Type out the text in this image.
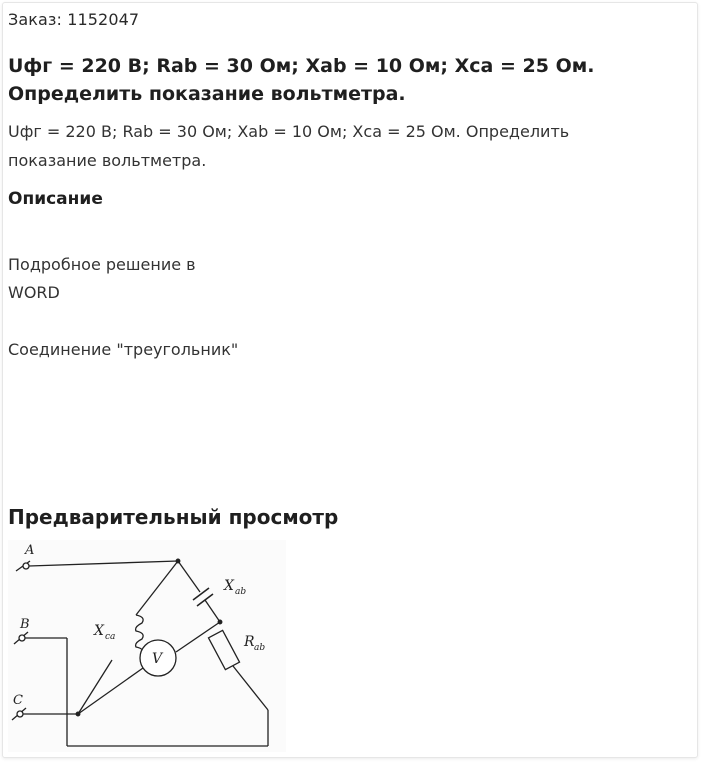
Заказ: 1152047
Uфг = 220 В; Rab = 30 Ом; Xab = 10 Ом; Xca = 25 Ом.
Определить показание вольтметра.
Uфг = 220 В; Rab = 30 Ом; Xab = 10 Ом; Xca = 25 Ом. Определить
показание вольтметра.
Описание
Подробное решение в
WORD
Соединение "треугольник"
Предварительный просмотр
A
B
C
X ab
X ca	R ab
V
